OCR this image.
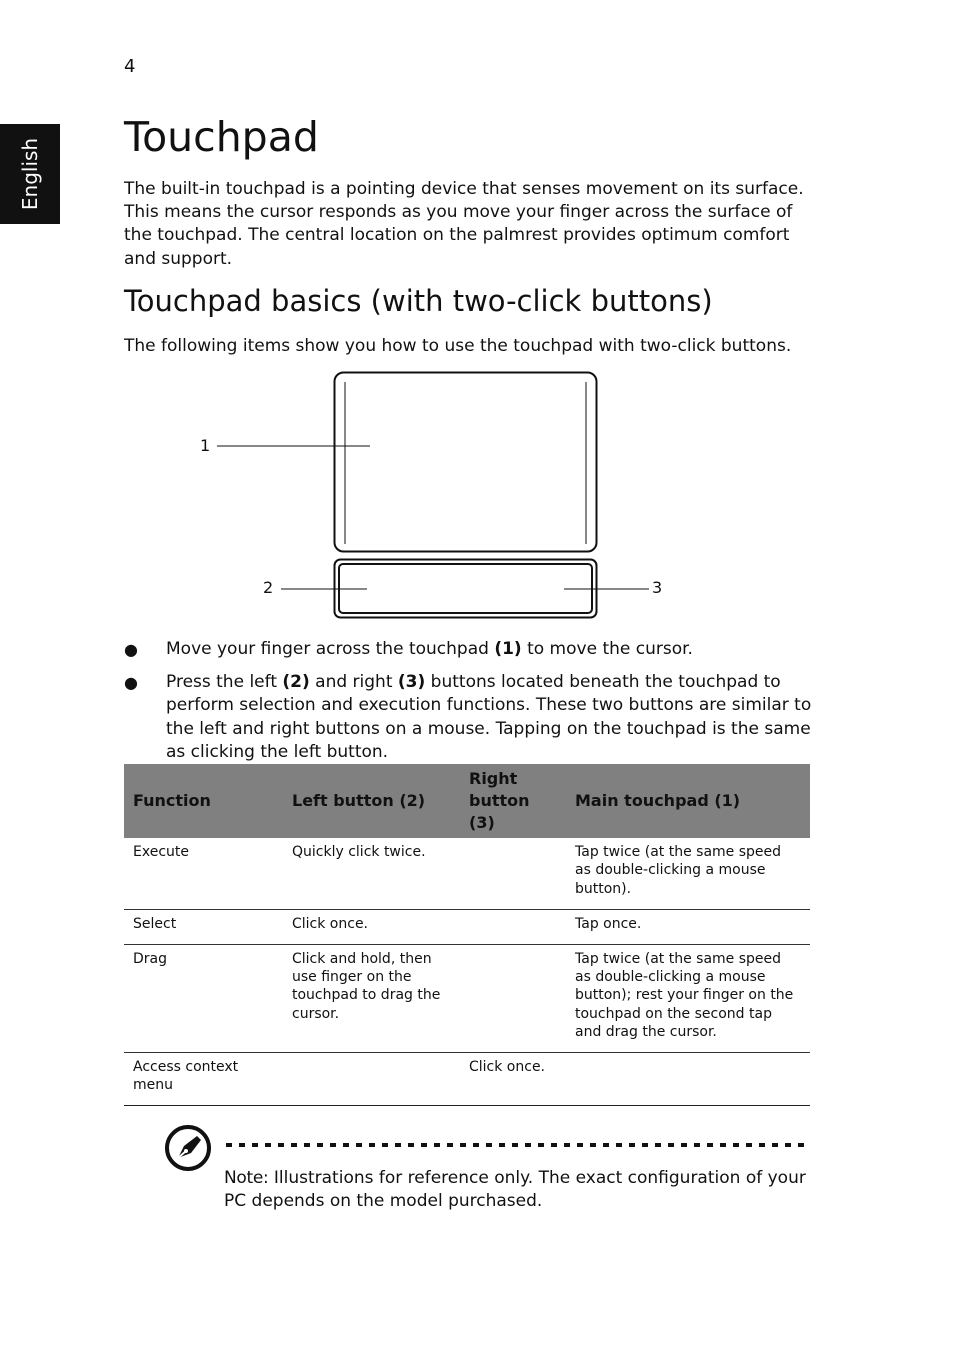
4
English
Touchpad

The built-in touchpad is a pointing device that senses movement on its surface. This means the cursor responds as you move your finger across the surface of the touchpad. The central location on the palmrest provides optimum comfort and support.

Touchpad basics (with two-click buttons)

The following items show you how to use the touchpad with two-click buttons.

1
2	3
● Move your finger across the touchpad (1) to move the cursor.
● Press the left (2) and right (3) buttons located beneath the touchpad to perform selection and execution functions. These two buttons are similar to the left and right buttons on a mouse. Tapping on the touchpad is the same as clicking the left button.
Function	Left button (2)	Right button (3)	Main touchpad (1)
Execute	Quickly click twice.		Tap twice (at the same speed as double-clicking a mouse button).
Select	Click once.		Tap once.
Drag	Click and hold, then use finger on the touchpad to drag the cursor.		Tap twice (at the same speed as double-clicking a mouse button); rest your finger on the touchpad on the second tap and drag the cursor.
Access context menu		Click once.	

Note: Illustrations for reference only. The exact configuration of your PC depends on the model purchased.
